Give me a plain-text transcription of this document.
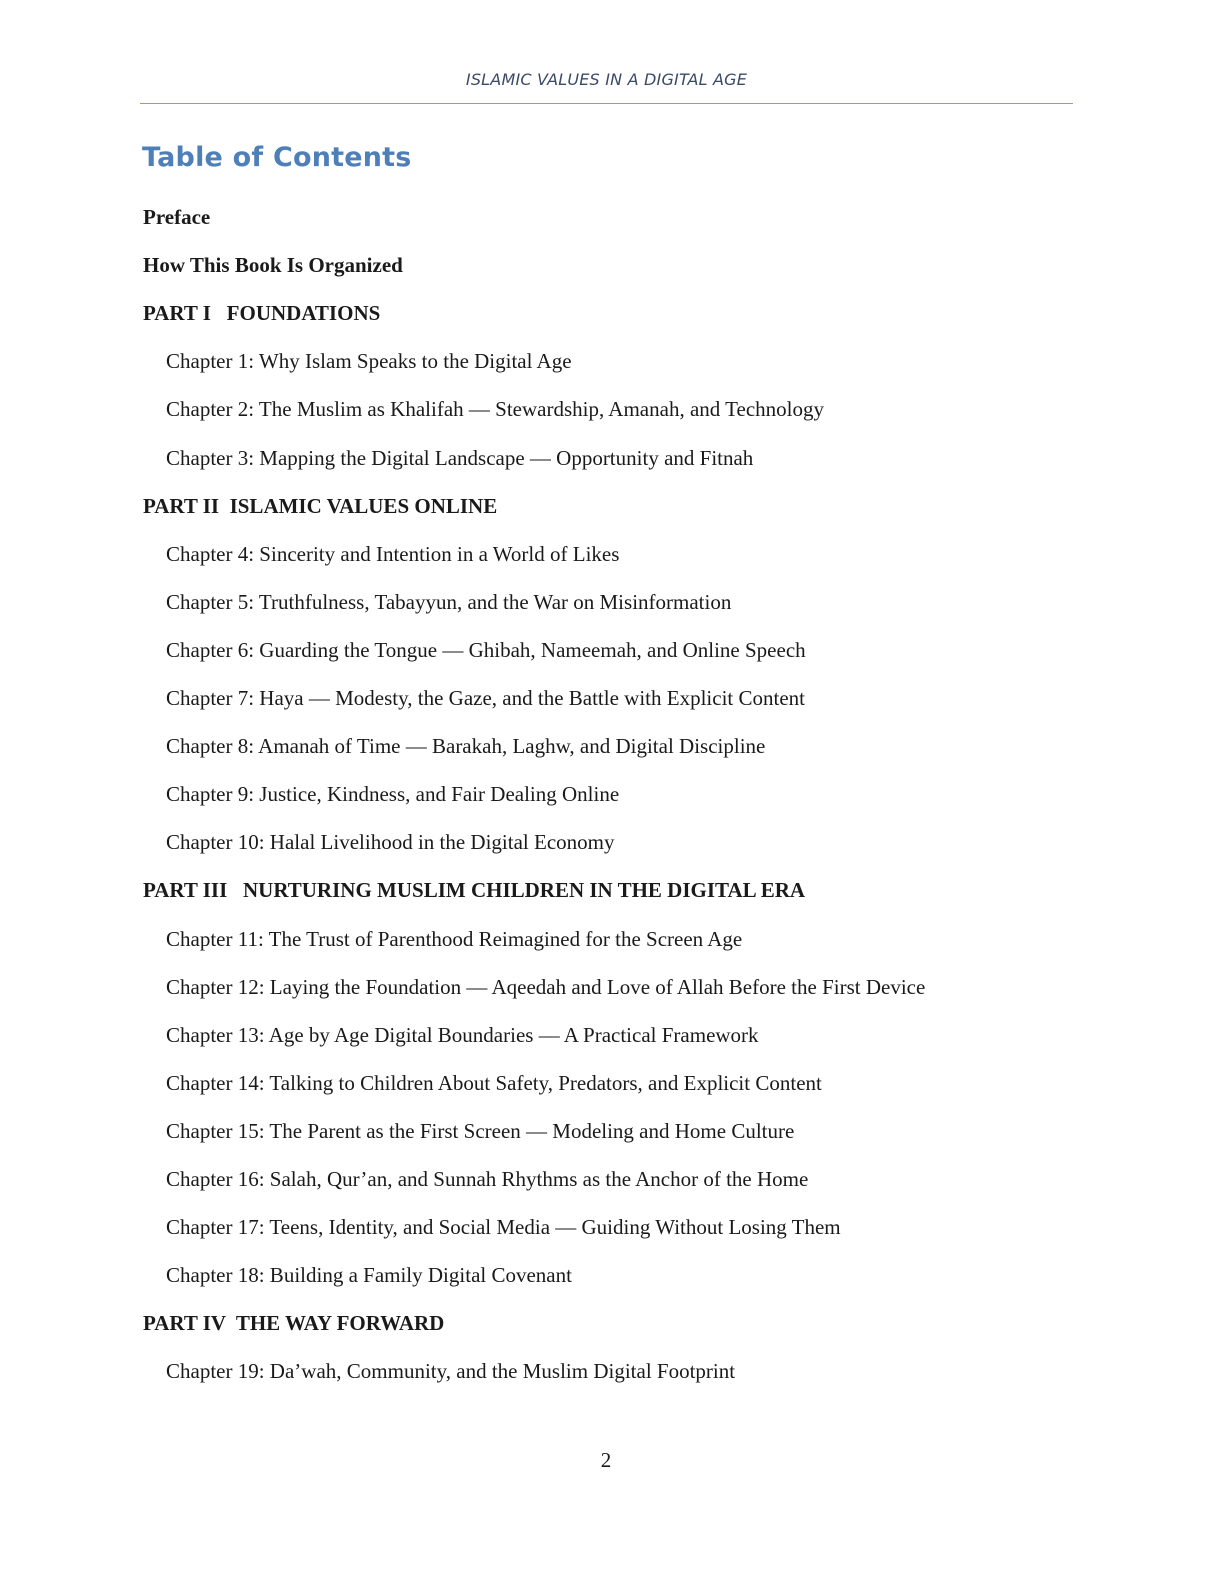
ISLAMIC VALUES IN A DIGITAL AGE
Table of Contents
Preface
How This Book Is Organized
PART I   FOUNDATIONS
Chapter 1: Why Islam Speaks to the Digital Age
Chapter 2: The Muslim as Khalifah — Stewardship, Amanah, and Technology
Chapter 3: Mapping the Digital Landscape — Opportunity and Fitnah
PART II  ISLAMIC VALUES ONLINE
Chapter 4: Sincerity and Intention in a World of Likes
Chapter 5: Truthfulness, Tabayyun, and the War on Misinformation
Chapter 6: Guarding the Tongue — Ghibah, Nameemah, and Online Speech
Chapter 7: Haya — Modesty, the Gaze, and the Battle with Explicit Content
Chapter 8: Amanah of Time — Barakah, Laghw, and Digital Discipline
Chapter 9: Justice, Kindness, and Fair Dealing Online
Chapter 10: Halal Livelihood in the Digital Economy
PART III   NURTURING MUSLIM CHILDREN IN THE DIGITAL ERA
Chapter 11: The Trust of Parenthood Reimagined for the Screen Age
Chapter 12: Laying the Foundation — Aqeedah and Love of Allah Before the First Device
Chapter 13: Age by Age Digital Boundaries — A Practical Framework
Chapter 14: Talking to Children About Safety, Predators, and Explicit Content
Chapter 15: The Parent as the First Screen — Modeling and Home Culture
Chapter 16: Salah, Qur’an, and Sunnah Rhythms as the Anchor of the Home
Chapter 17: Teens, Identity, and Social Media — Guiding Without Losing Them
Chapter 18: Building a Family Digital Covenant
PART IV  THE WAY FORWARD
Chapter 19: Da’wah, Community, and the Muslim Digital Footprint
2
